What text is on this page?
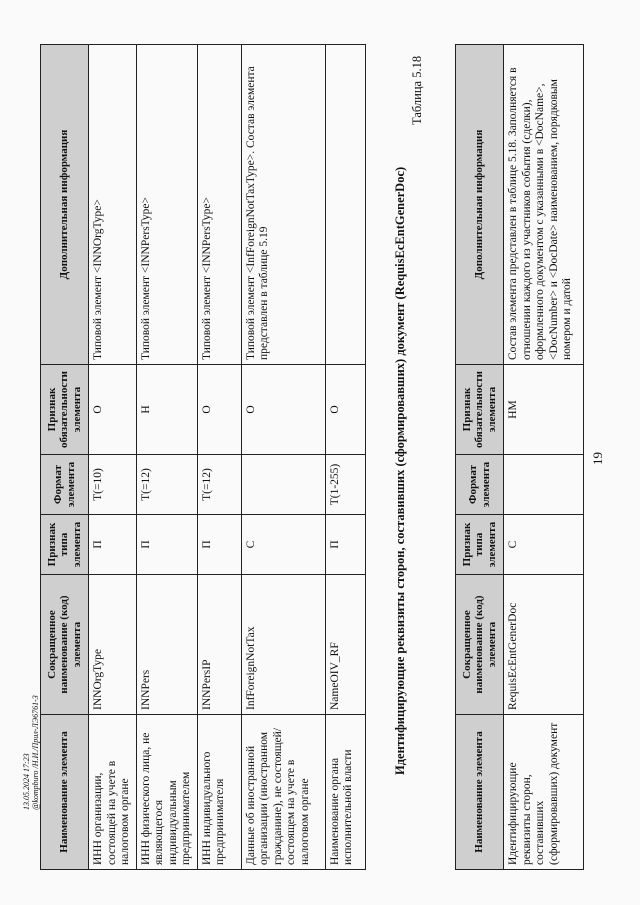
19
Наименование элемента	Сокращенное наименование (код) элемента	Признак типа элемента	Формат элемента	Признак обязательности элемента	Дополнительная информация
Идентифицирующие реквизиты сторон, составивших (сформировавших) документ	RequisEcEntGenerDoc	С		НМ	Состав элемента представлен в таблице 5.18. Заполняется в отношении каждого из участников события (сделки), оформленного документом с указанными в <DocName>, <DocNumber> и <DocDate> наименованием, порядковым номером и датой
Таблица 5.18
Идентифицирующие реквизиты сторон, составивших (сформировавших) документ (RequisEcEntGenerDoc)
Наименование элемента	Сокращенное наименование (код) элемента	Признак типа элемента	Формат элемента	Признак обязательности элемента	Дополнительная информация
ИНН организации, состоящей на учете в налоговом органе	INNOrgType	П	T(=10)	О	Типовой элемент <INNOrgType>
ИНН физического лица, не являющегося индивидуальным предпринимателем	INNPers	П	T(=12)	Н	Типовой элемент <INNPersType>
ИНН индивидуального предпринимателя	INNPersIP	П	T(=12)	О	Типовой элемент <INNPersType>
Данные об иностранной организации (иностранном гражданине), не состоящей/состоящем на учете в налоговом органе	InfForeignNotTax	С		О	Типовой элемент <InfForeignNotTaxType>. Состав элемента представлен в таблице 5.19
Наименование органа исполнительной власти	NameOIV_RF	П	T(1-255)	О	
13.05.2024 17:23 @kompburo /Н.И./Прил-ЛЭ6761-3
